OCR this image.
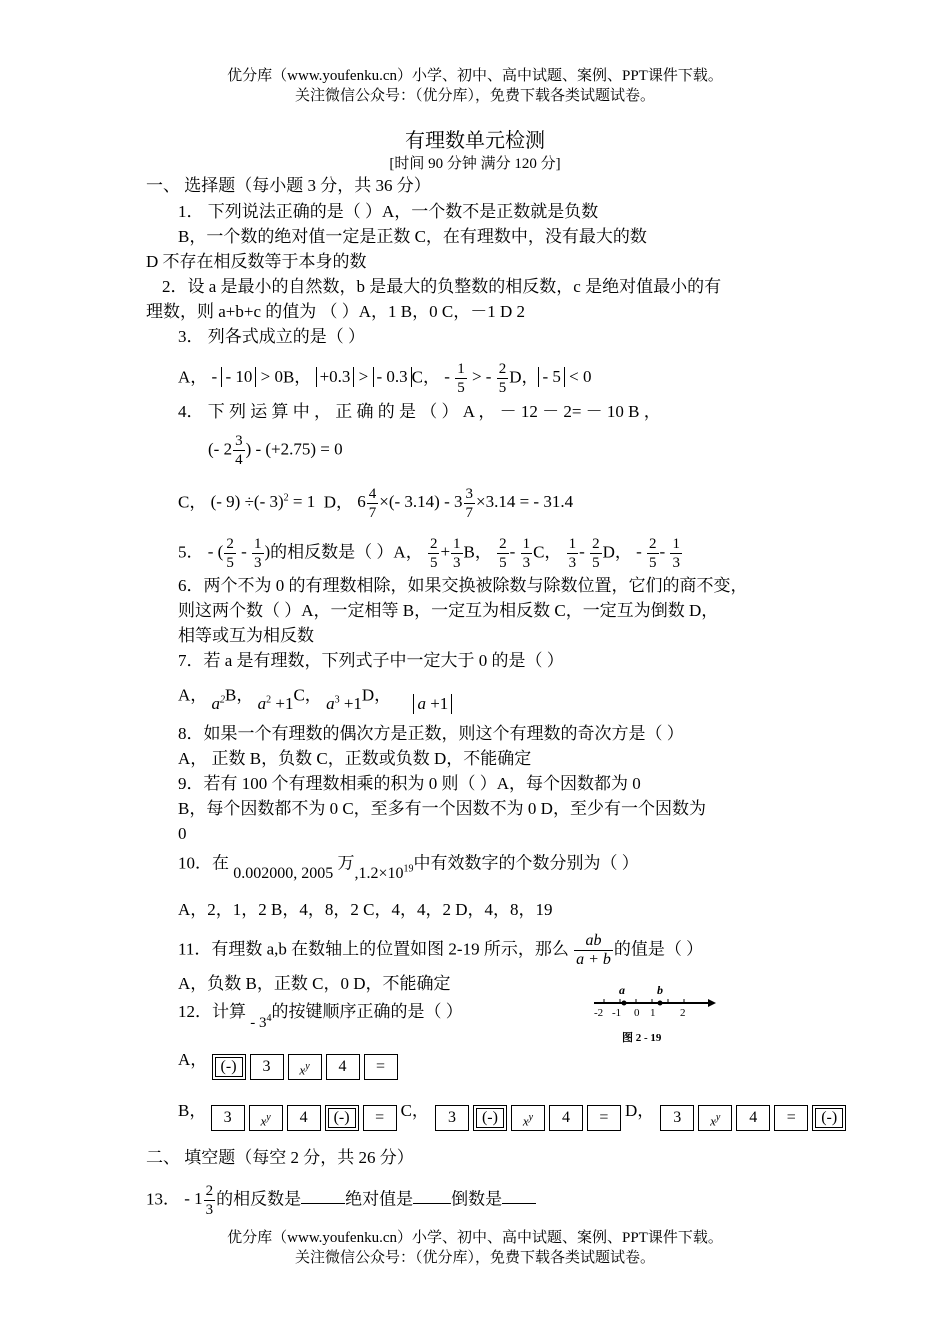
优分库（www.youfenku.cn）小学、初中、高中试题、案例、PPT课件下载。
关注微信公众号：（优分库），免费下载各类试题试卷。
有理数单元检测
[时间 90 分钟 满分 120 分]
一、 选择题（每小题 3 分，共 36 分）
1． 下列说法正确的是（ ）A，一个数不是正数就是负数
B，一个数的绝对值一定是正数 C，在有理数中，没有最大的数
D 不存在相反数等于本身的数
2．设 a 是最小的自然数，b 是最大的负整数的相反数，c 是绝对值最小的有
理数，则 a+b+c 的值为 （ ）A，1 B，0 C，－1 D 2
3． 列各式成立的是（ ）
A， - - 10 > 0B， +0.3 > - 0.3 C， - $\frac{1}{5}$ > - $\frac{2}{5}$ D， - 5 < 0
4． 下 列 运 算 中 ， 正 确 的 是 （ ） A ， － 12 － 2= － 10 B ，
(- $2 \frac{3}{4}$ ) - (+2.75) = 0
C， (- 9) ÷(- 3)$^2$ = 1 D， $6 \frac{4}{7}$ ×(- $3.14) - 3 \frac{3}{7} \times 3.14$ = - 31.4
5． - ( $\frac{2}{5} - \frac{1}{3}$ )的相反数是（ ）A， $\frac{2}{5} + \frac{1}{3}$ B， $\frac{2}{5} - \frac{1}{3}$ C， $\frac{1}{3} - \frac{2}{5}$ D， - $\frac{2}{5} - \frac{1}{3}$
6．两个不为 0 的有理数相除，如果交换被除数与除数位置，它们的商不变，
则这两个数（ ）A，一定相等 B，一定互为相反数 C，一定互为倒数 D，
相等或互为相反数
7．若 a 是有理数，下列式子中一定大于 0 的是（ ）
A， $a^2B$， $a^2 +1C$， $a^3 +1D$， a +1
8．如果一个有理数的偶次方是正数，则这个有理数的奇次方是（ ）
A， 正数 B，负数 C，正数或负数 D，不能确定
9．若有 100 个有理数相乘的积为 0 则（ ）A，每个因数都为 0
B，每个因数都不为 0 C，至多有一个因数不为 0 D，至少有一个因数为
0
10．在 0.002000, 2005 万$,1.2\times 10^{19}$中有效数字的个数分别为（ ）
A，2，1，2 B，4，8，2 C，4，4，2 D，4，8，19
11．有理数 a,b 在数轴上的位置如图 2-19 所示，那么 $\frac{ab}{a + b}$ 的值是（ ）
A，负数 B，正数 C，0 D，不能确定	a	b
-2 -1 0 1 2
图 2 - 19
12．计算 - $3^4$的按键顺序正确的是（ ）
A， (-) 3 $x^y$ 4 =
B， 3 $x^y$ 4 (-) = C， 3 (-) $x^y$ 4 = D， 3 $x^y$ 4 = (-)
二、 填空题（每空 2 分，共 26 分）
13． - $1 \frac{2}{3}$ 的相反数是	绝对值是 倒数是
优分库（www.youfenku.cn）小学、初中、高中试题、案例、PPT课件下载。
关注微信公众号：（优分库），免费下载各类试题试卷。
